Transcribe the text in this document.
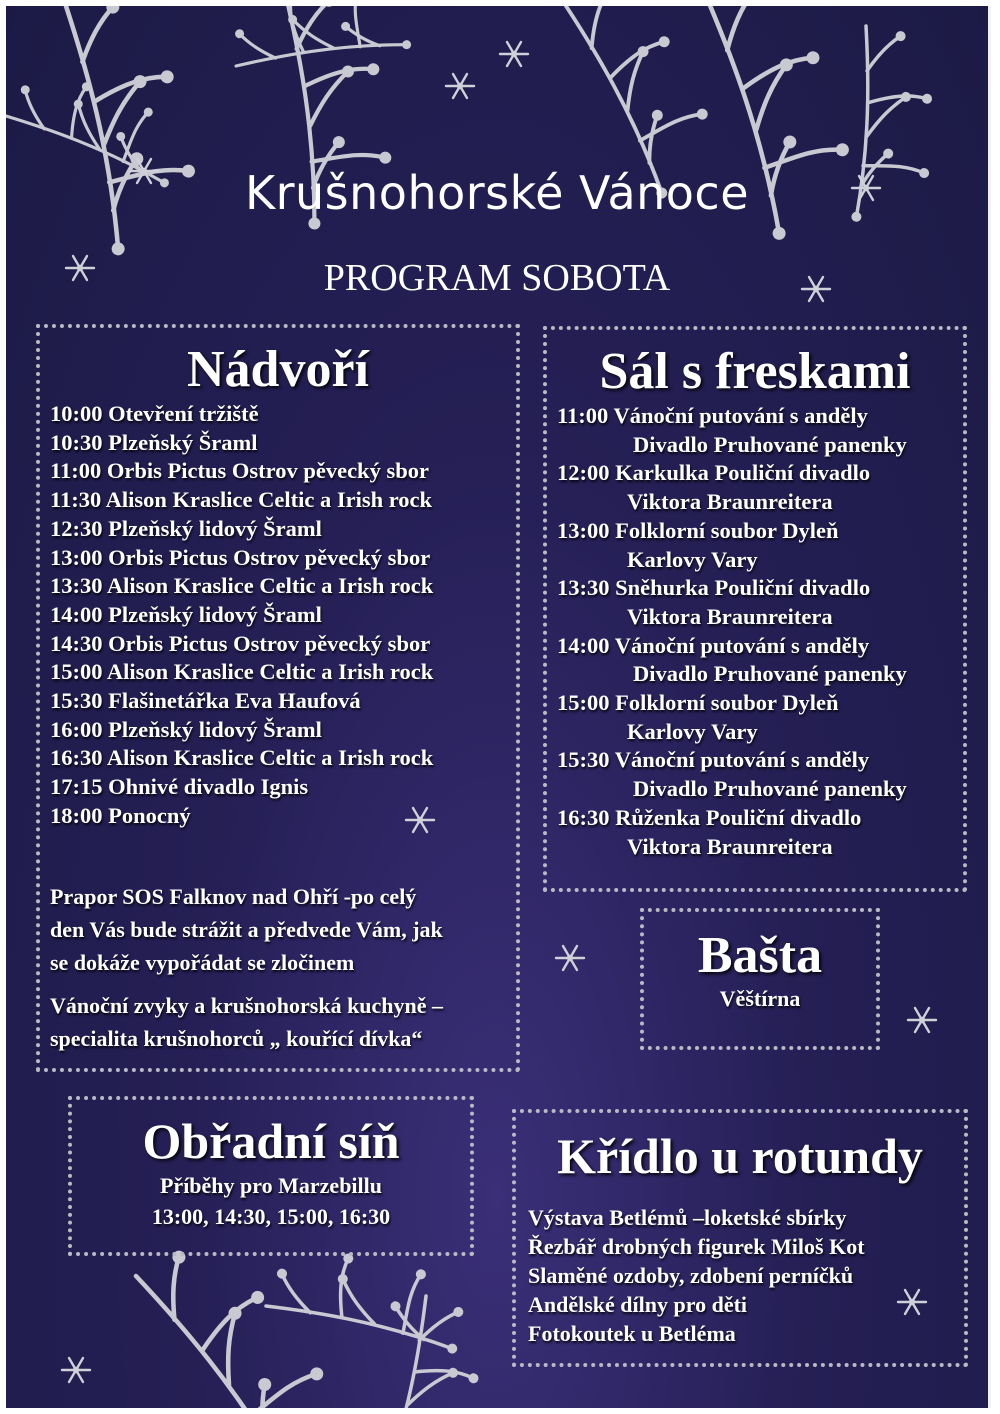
Krušnohorské Vánoce
PROGRAM SOBOTA
Nádvoří
10:00 Otevření tržiště
10:30 Plzeňský Šraml
11:00 Orbis Pictus Ostrov pěvecký sbor
11:30 Alison Kraslice Celtic a Irish rock
12:30 Plzeňský lidový Šraml
13:00 Orbis Pictus Ostrov pěvecký sbor
13:30 Alison Kraslice Celtic a Irish rock
14:00 Plzeňský lidový Šraml
14:30 Orbis Pictus Ostrov pěvecký sbor
15:00 Alison Kraslice Celtic a Irish rock
15:30 Flašinetářka Eva Haufová
16:00 Plzeňský lidový Šraml
16:30 Alison Kraslice Celtic a Irish rock
17:15 Ohnivé divadlo Ignis
18:00 Ponocný

Prapor SOS Falknov nad Ohří -po celý
den Vás bude strážit a předvede Vám, jak
se dokáže vypořádat se zločinem

Vánoční zvyky a krušnohorská kuchyně –
specialita krušnohorců „ kouřící dívka“

Sál s freskami
11:00 Vánoční putování s anděly
Divadlo Pruhované panenky
12:00 Karkulka Pouliční divadlo
Viktora Braunreitera
13:00 Folklorní soubor Dyleň
Karlovy Vary
13:30 Sněhurka Pouliční divadlo
Viktora Braunreitera
14:00 Vánoční putování s anděly
Divadlo Pruhované panenky
15:00 Folklorní soubor Dyleň
Karlovy Vary
15:30 Vánoční putování s anděly
Divadlo Pruhované panenky
16:30 Růženka Pouliční divadlo
Viktora Braunreitera
Bašta
Věštírna
Obřadní síň
Příběhy pro Marzebillu
13:00, 14:30, 15:00, 16:30
Křídlo u rotundy
Výstava Betlémů –loketské sbírky
Řezbář drobných figurek Miloš Kot
Slaměné ozdoby, zdobení perníčků
Andělské dílny pro děti
Fotokoutek u Betléma
